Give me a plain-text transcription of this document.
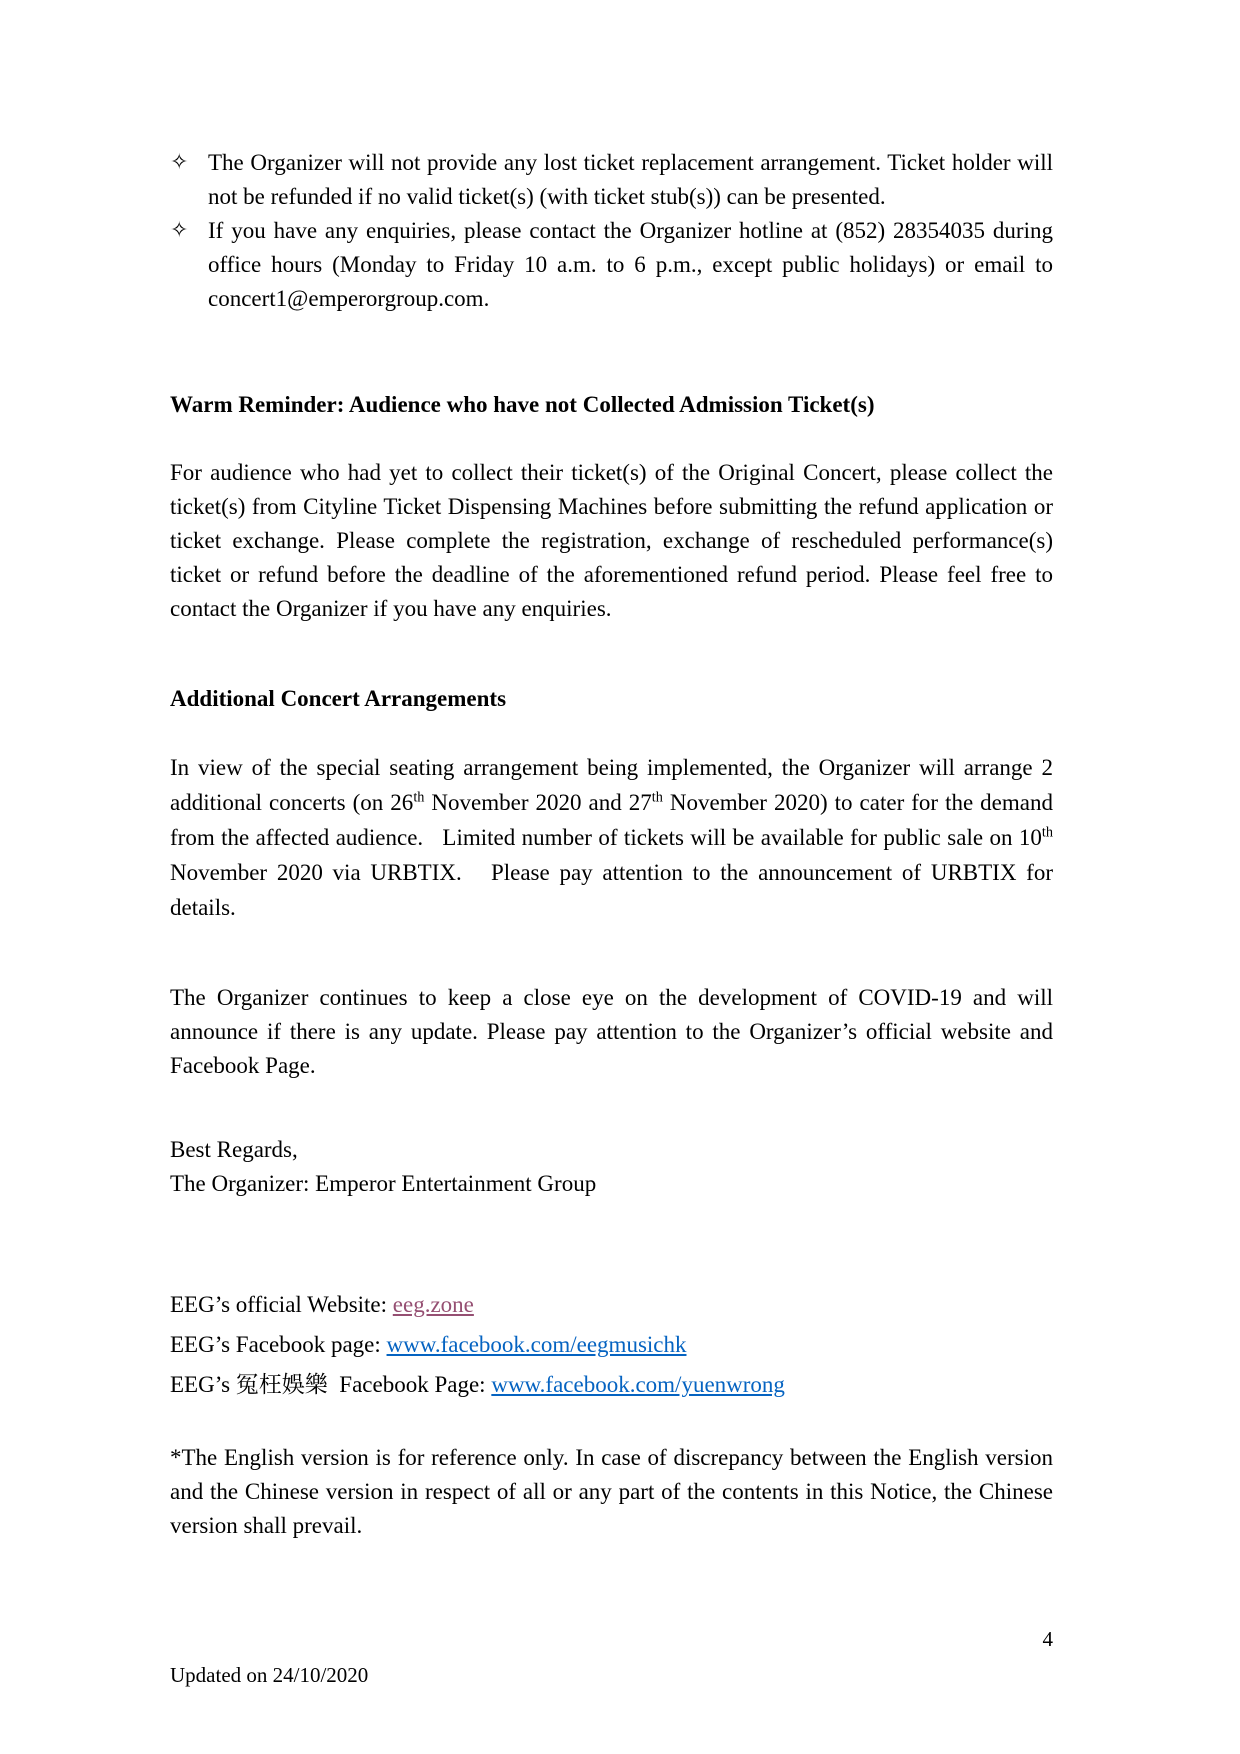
✧ The Organizer will not provide any lost ticket replacement arrangement. Ticket holder will not be refunded if no valid ticket(s) (with ticket stub(s)) can be presented.
✧ If you have any enquiries, please contact the Organizer hotline at (852) 28354035 during office hours (Monday to Friday 10 a.m. to 6 p.m., except public holidays) or email to concert1@emperorgroup.com.
Warm Reminder: Audience who have not Collected Admission Ticket(s)
For audience who had yet to collect their ticket(s) of the Original Concert, please collect the ticket(s) from Cityline Ticket Dispensing Machines before submitting the refund application or ticket exchange. Please complete the registration, exchange of rescheduled performance(s) ticket or refund before the deadline of the aforementioned refund period. Please feel free to contact the Organizer if you have any enquiries.
Additional Concert Arrangements
In view of the special seating arrangement being implemented, the Organizer will arrange 2 additional concerts (on 26th November 2020 and 27th November 2020) to cater for the demand from the affected audience.   Limited number of tickets will be available for public sale on 10th November 2020 via URBTIX.   Please pay attention to the announcement of URBTIX for details.
The Organizer continues to keep a close eye on the development of COVID-19 and will announce if there is any update. Please pay attention to the Organizer’s official website and Facebook Page.
Best Regards,
The Organizer: Emperor Entertainment Group
EEG’s official Website: eeg.zone
EEG’s Facebook page: www.facebook.com/eegmusichk
EEG’s 冤枉娛樂  Facebook Page: www.facebook.com/yuenwrong
*The English version is for reference only. In case of discrepancy between the English version and the Chinese version in respect of all or any part of the contents in this Notice, the Chinese version shall prevail.
4
Updated on 24/10/2020
